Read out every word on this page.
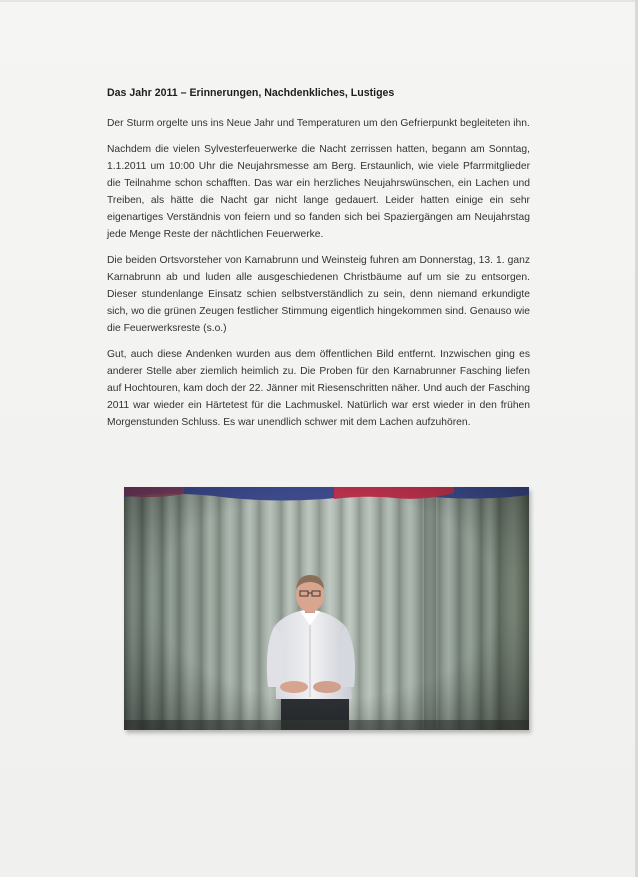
Das Jahr 2011 – Erinnerungen, Nachdenkliches, Lustiges

Der Sturm orgelte uns ins Neue Jahr und Temperaturen um den Gefrierpunkt begleiteten ihn.

Nachdem die vielen Sylvesterfeuerwerke die Nacht zerrissen hatten, begann am Sonntag, 1.1.2011 um 10:00 Uhr die Neujahrsmesse am Berg. Erstaunlich, wie viele Pfarrmitglieder die Teilnahme schon schafften. Das war ein herzliches Neujahrswünschen, ein Lachen und Treiben, als hätte die Nacht gar nicht lange gedauert. Leider hatten einige ein sehr eigenartiges Verständnis von feiern und so fanden sich bei Spaziergängen am Neujahrstag jede Menge Reste der nächtlichen Feuerwerke.

Die beiden Ortsvorsteher von Karnabrunn und Weinsteig fuhren am Donnerstag, 13. 1. ganz Karnabrunn ab und luden alle ausgeschiedenen Christbäume auf um sie zu entsorgen. Dieser stundenlange Einsatz schien selbstverständlich zu sein, denn niemand erkundigte sich, wo die grünen Zeugen festlicher Stimmung eigentlich hingekommen sind. Genauso wie die Feuerwerksreste (s.o.)

Gut, auch diese Andenken wurden aus dem öffentlichen Bild entfernt. Inzwischen ging es anderer Stelle aber ziemlich heimlich zu. Die Proben für den Karnabrunner Fasching liefen auf Hochtouren, kam doch der 22. Jänner mit Riesenschritten näher. Und auch der Fasching 2011 war wieder ein Härtetest für die Lachmuskel. Natürlich war erst wieder in den frühen Morgenstunden Schluss. Es war unendlich schwer mit dem Lachen aufzuhören.
